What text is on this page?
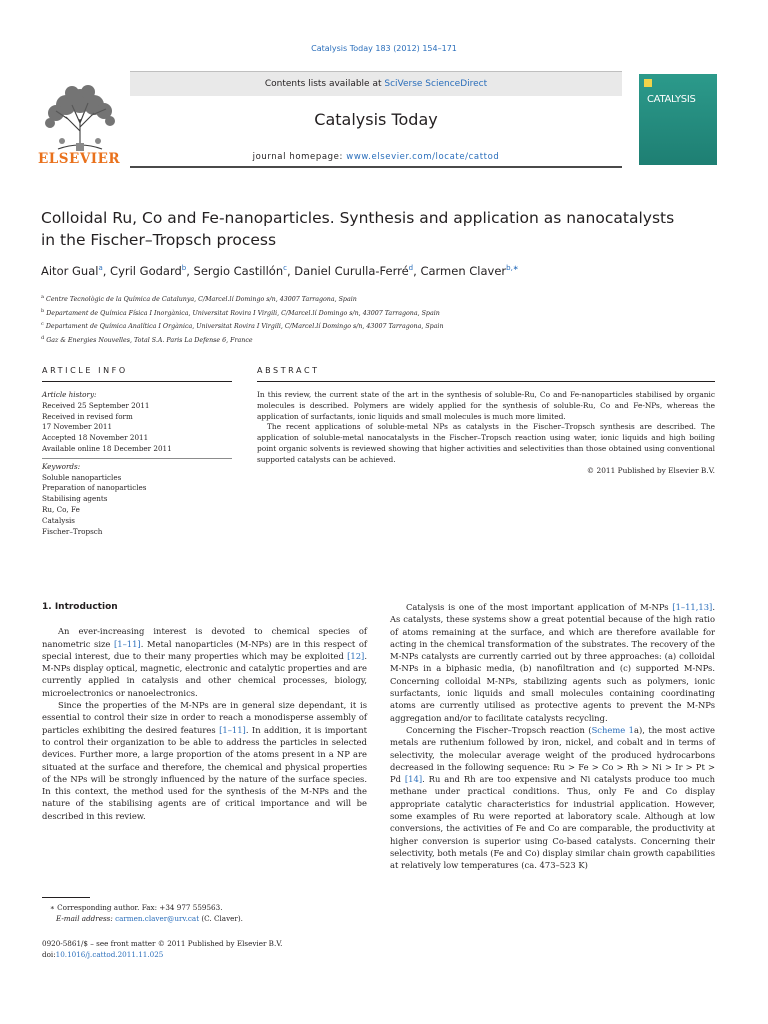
Catalysis Today 183 (2012) 154–171
ELSEVIER
Contents lists available at SciVerse ScienceDirect
Catalysis Today
journal homepage: www.elsevier.com/locate/cattod
CATALYSIS
Colloidal Ru, Co and Fe-nanoparticles. Synthesis and application as nanocatalysts
in the Fischer–Tropsch process
Aitor Gual$^a$, Cyril Godard$^b$, Sergio Castillón$^c$, Daniel Curulla-Ferré$^d$, Carmen Claver$^{b,∗}$
$^a$ Centre Tecnològic de la Química de Catalunya, C/Marcel.lí Domingo s/n, 43007 Tarragona, Spain
$^b$ Departament de Química Física I Inorgànica, Universitat Rovira I Virgili, C/Marcel.lí Domingo s/n, 43007 Tarragona, Spain
$^c$ Departament de Química Analítica I Orgànica, Universitat Rovira I Virgili, C/Marcel.lí Domingo s/n, 43007 Tarragona, Spain
$^d$ Gaz & Energies Nouvelles, Total S.A. Paris La Defense 6, France
ARTICLE INFO	ABSTRACT
Article history:
Received 25 September 2011
Received in revised form
17 November 2011
Accepted 18 November 2011
Available online 18 December 2011
Keywords:
Soluble nanoparticles
Preparation of nanoparticles
Stabilising agents
Ru, Co, Fe
Catalysis
Fischer–Tropsch

In this review, the current state of the art in the synthesis of soluble-Ru, Co and Fe-nanoparticles stabilised by organic molecules is described. Polymers are widely applied for the synthesis of soluble-Ru, Co and Fe-NPs, whereas the application of surfactants, ionic liquids and small molecules is much more limited.

The recent applications of soluble-metal NPs as catalysts in the Fischer–Tropsch synthesis are described. The application of soluble-metal nanocatalysts in the Fischer–Tropsch reaction using water, ionic liquids and high boiling point organic solvents is reviewed showing that higher activities and selectivities than those obtained using conventional supported catalysts can be achieved.

© 2011 Published by Elsevier B.V.
1. Introduction

An ever-increasing interest is devoted to chemical species of nanometric size [1–11]. Metal nanoparticles (M-NPs) are in this respect of special interest, due to their many properties which may be exploited [12]. M-NPs display optical, magnetic, electronic and catalytic properties and are currently applied in catalysis and other chemical processes, biology, microelectronics or nanoelectronics.

Since the properties of the M-NPs are in general size dependant, it is essential to control their size in order to reach a monodisperse assembly of particles exhibiting the desired features [1–11]. In addition, it is important to control their organization to be able to address the particles in selected devices. Further more, a large proportion of the atoms present in a NP are situated at the surface and therefore, the chemical and physical properties of the NPs will be strongly influenced by the nature of the surface species. In this context, the method used for the synthesis of the M-NPs and the nature of the stabilising agents are of critical importance and will be described in this review.

Catalysis is one of the most important application of M-NPs [1–11,13]. As catalysts, these systems show a great potential because of the high ratio of atoms remaining at the surface, and which are therefore available for acting in the chemical transformation of the substrates. The recovery of the M-NPs catalysts are currently carried out by three approaches: (a) colloidal M-NPs in a biphasic media, (b) nanofiltration and (c) supported M-NPs. Concerning colloidal M-NPs, stabilizing agents such as polymers, ionic surfactants, ionic liquids and small molecules containing coordinating atoms are currently utilised as protective agents to prevent the M-NPs aggregation and/or to facilitate catalysts recycling.

Concerning the Fischer–Tropsch reaction (Scheme 1a), the most active metals are ruthenium followed by iron, nickel, and cobalt and in terms of selectivity, the molecular average weight of the produced hydrocarbons decreased in the following sequence: Ru > Fe > Co > Rh > Ni > Ir > Pt > Pd [14]. Ru and Rh are too expensive and Ni catalysts produce too much methane under practical conditions. Thus, only Fe and Co display appropriate catalytic characteristics for industrial application. However, some examples of Ru were reported at laboratory scale. Although at low conversions, the activities of Fe and Co are comparable, the productivity at higher conversion is superior using Co-based catalysts. Concerning their selectivity, both metals (Fe and Co) display similar chain growth capabilities at relatively low temperatures (ca. 473–523 K)

∗ Corresponding author. Fax: +34 977 559563.
E-mail address: carmen.claver@urv.cat (C. Claver).
0920-5861/$ – see front matter © 2011 Published by Elsevier B.V.
doi:10.1016/j.cattod.2011.11.025
